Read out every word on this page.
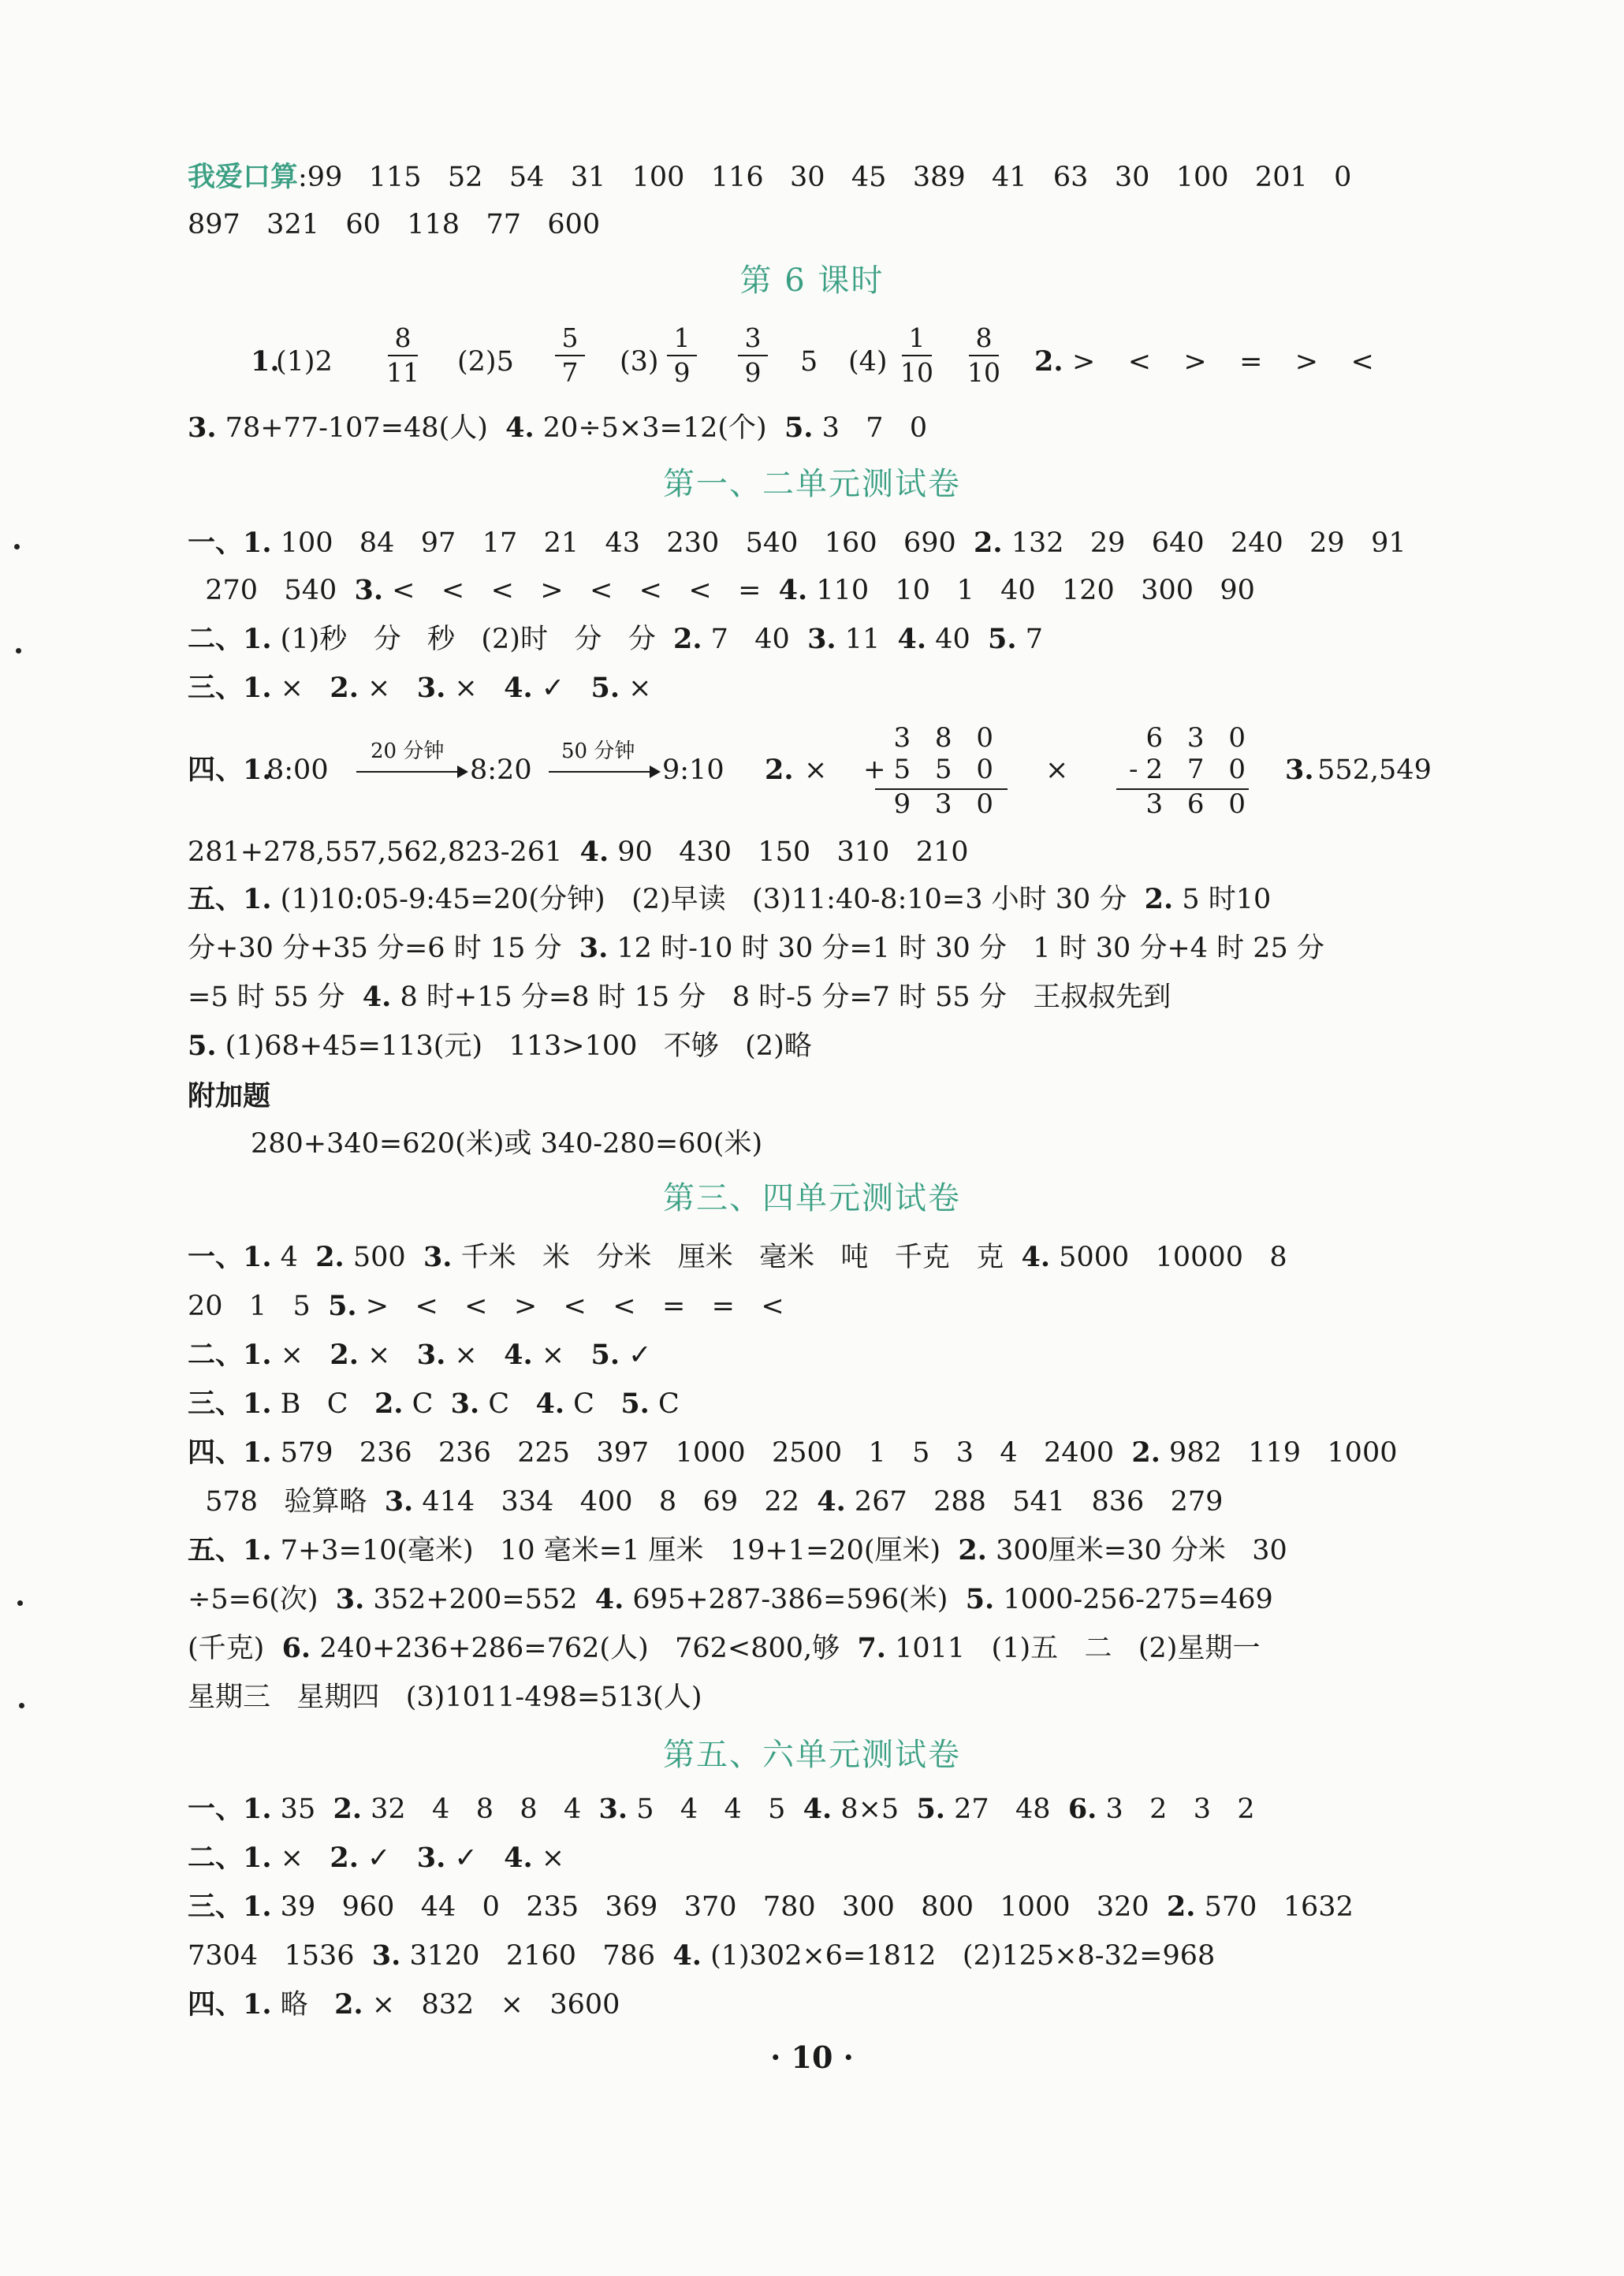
我爱口算:99   115   52   54   31   100   116   30   45   389   41   63   30   100   201   0
897   321   60   118   77   600
第 6 课时
1.
(1)2
8
11 (2)5
5
7	(3)
1
9
3
9	5 (4)
1
10
8
10 2. >   <   >   =   >   <
3. 78+77-107=48(人)  4. 20÷5×3=12(个)  5. 3   7   0
第一、二单元测试卷
一、1. 100   84   97   17   21   43   230   540   160   690  2. 132   29   640   240   29   91
270   540  3. <   <   <   >   <   <   <   =  4. 110   10   1   40   120   300   90
二、1. (1)秒   分   秒   (2)时   分   分  2. 7   40  3. 11  4. 40  5. 7
三、1. ×   2. ×   3. ×   4. ✓   5. ×
四、1.
8:00
20 分钟
8:20
50 分钟
9:10 2. ×
3 8 0
+5 5 0
9 3 0
×
6 3 0
-2 7 0
3 6 0
3.
552,549
281+278,557,562,823-261  4. 90   430   150   310   210
五、1. (1)10:05-9:45=20(分钟)   (2)早读   (3)11:40-8:10=3 小时 30 分  2. 5 时10
分+30 分+35 分=6 时 15 分  3. 12 时-10 时 30 分=1 时 30 分   1 时 30 分+4 时 25 分
=5 时 55 分  4. 8 时+15 分=8 时 15 分   8 时-5 分=7 时 55 分   王叔叔先到
5. (1)68+45=113(元)   113>100   不够   (2)略
附加题
280+340=620(米)或 340-280=60(米)
第三、四单元测试卷
一、1. 4  2. 500  3. 千米   米   分米   厘米   毫米   吨   千克   克  4. 5000   10000   8
20   1   5  5. >   <   <   >   <   <   =   =   <
二、1. ×   2. ×   3. ×   4. ×   5. ✓
三、1. B   C   2. C  3. C   4. C   5. C
四、1. 579   236   236   225   397   1000   2500   1   5   3   4   2400  2. 982   119   1000
578   验算略  3. 414   334   400   8   69   22  4. 267   288   541   836   279
五、1. 7+3=10(毫米)   10 毫米=1 厘米   19+1=20(厘米)  2. 300厘米=30 分米   30
÷5=6(次)  3. 352+200=552  4. 695+287-386=596(米)  5. 1000-256-275=469
(千克)  6. 240+236+286=762(人)   762<800,够  7. 1011   (1)五   二   (2)星期一
星期三   星期四   (3)1011-498=513(人)
第五、六单元测试卷
一、1. 35  2. 32   4   8   8   4  3. 5   4   4   5  4. 8×5  5. 27   48  6. 3   2   3   2
二、1. ×   2. ✓   3. ✓   4. ×
三、1. 39   960   44   0   235   369   370   780   300   800   1000   320  2. 570   1632
7304   1536  3. 3120   2160   786  4. (1)302×6=1812   (2)125×8-32=968
四、1. 略   2. ×   832   ×   3600
· 10 ·
